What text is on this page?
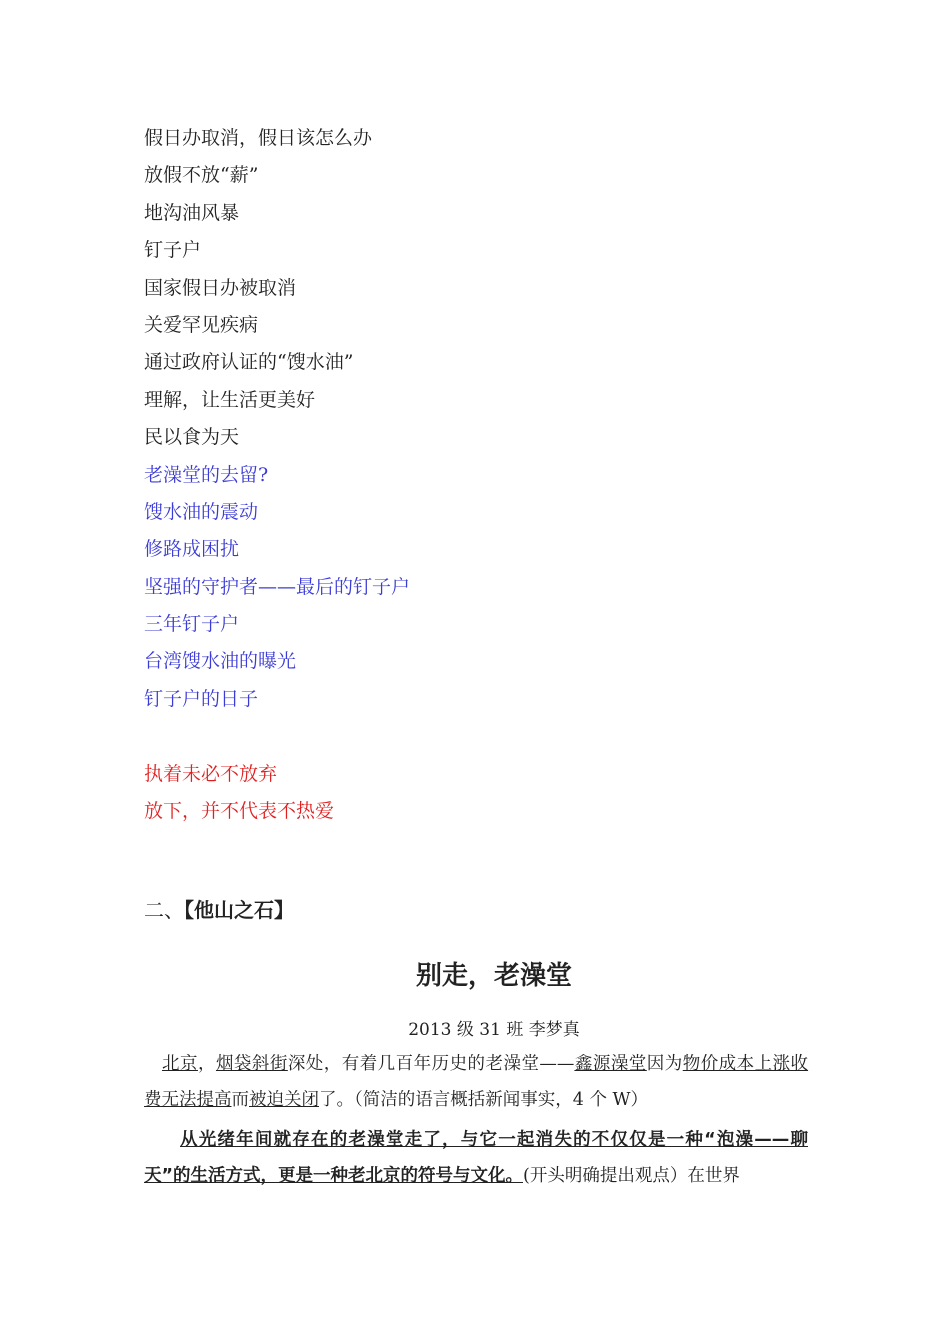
假日办取消，假日该怎么办
放假不放“薪”
地沟油风暴
钉子户
国家假日办被取消
关爱罕见疾病
通过政府认证的“馊水油”
理解，让生活更美好
民以食为天
老澡堂的去留?
馊水油的震动
修路成困扰
坚强的守护者——最后的钉子户
三年钉子户
台湾馊水油的曝光
钉子户的日子
执着未必不放弃
放下，并不代表不热爱
二、【他山之石】
别走，老澡堂
2013 级 31 班 李梦真
北京，烟袋斜街深处，有着几百年历史的老澡堂——鑫源澡堂因为物价成本上涨收费无法提高而被迫关闭了。（简洁的语言概括新闻事实，4 个 W）
从光绪年间就存在的老澡堂走了，与它一起消失的不仅仅是一种“泡澡——聊天”的生活方式，更是一种老北京的符号与文化。(开头明确提出观点）在世界
